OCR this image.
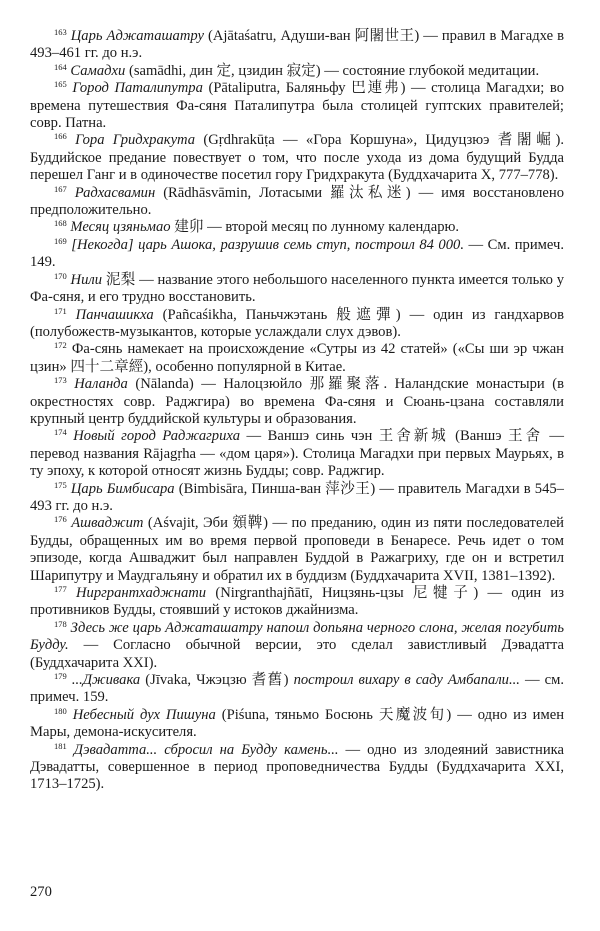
$^{163}$ Царь Аджаташатру (Ajātaśatru, Адуши-ван 阿闍世王) — правил в Магадхе в 493–461 гг. до н.э.

$^{164}$ Самадхи (samādhi, дин 定, цзидин 寂定) — состояние глубокой медитации.

$^{165}$ Город Паталипутра (Pātaliputra, Баляньфу 巴連弗) — столица Магадхи; во времена путешествия Фа-сяня Паталипутра была столицей гуптских правителей; совр. Патна.

$^{166}$ Гора Гридхракута (Gṛdhrakūṭa — «Гора Коршуна», Цидуцзюэ 耆闍崛). Буддийское предание повествует о том, что после ухода из дома будущий Будда перешел Ганг и в одиночестве посетил гору Гридхракута (Буддхачарита X, 777–778).

$^{167}$ Радхасвамин (Rādhāsvāmin, Лотасыми 羅汰私迷) — имя восстановлено предположительно.

$^{168}$ Месяц цзяньмао 建卯 — второй месяц по лунному календарю.

$^{169}$ [Некогда] царь Ашока, разрушив семь ступ, построил 84 000. — См. примеч. 149.

$^{170}$ Нили 泥梨 — название этого небольшого населенного пункта имеется только у Фа-сяня, и его трудно восстановить.

$^{171}$ Панчашикха (Pañcaśikha, Паньчжэтань 般遮彈) — один из гандхарвов (полубожеств-музыкантов, которые услаждали слух дэвов).

$^{172}$ Фа-сянь намекает на происхождение «Сутры из 42 статей» («Сы ши эр чжан цзин» 四十二章經), особенно популярной в Китае.

$^{173}$ Наланда (Nālanda) — Налоцзюйло 那羅聚落. Наландские монастыри (в окрестностях совр. Раджгира) во времена Фа-сяня и Сюань-цзана составляли крупный центр буддийской культуры и образования.

$^{174}$ Новый город Раджагриха — Ваншэ синь чэн 王舍新城 (Ваншэ 王舍 — перевод названия Rājagṛha — «дом царя»). Столица Магадхи при первых Маурьях, в ту эпоху, к которой относят жизнь Будды; совр. Раджгир.

$^{175}$ Царь Бимбисара (Bimbisāra, Пинша-ван 萍沙王) — правитель Магадхи в 545–493 гг. до н.э.

$^{176}$ Ашваджит (Aśvajit, Эби 頞鞞) — по преданию, один из пяти последователей Будды, обращенных им во время первой проповеди в Бенаресе. Речь идет о том эпизоде, когда Ашваджит был направлен Буддой в Ражагриху, где он и встретил Шарипутру и Маудгальяну и обратил их в буддизм (Буддхачарита XVII, 1381–1392).

$^{177}$ Ниргрантхаджнати (Nirgranthajñātī, Ницзянь-цзы 尼犍子) — один из противников Будды, стоявший у истоков джайнизма.

$^{178}$ Здесь же царь Аджаташатру напоил допьяна черного слона, желая погубить Будду. — Согласно обычной версии, это сделал завистливый Дэвадатта (Буддхачарита XXI).

$^{179}$ ...Дживака (Jīvaka, Чжэцзю 耆舊) построил вихару в саду Амбапали... — см. примеч. 159.

$^{180}$ Небесный дух Пишуна (Piśuna, тяньмо Босюнь 天魔波旬) — одно из имен Мары, демона-искусителя.

$^{181}$ Дэвадатта... сбросил на Будду камень... — одно из злодеяний завистника Дэвадатты, совершенное в период проповедничества Будды (Буддхачарита XXI, 1713–1725).

270
